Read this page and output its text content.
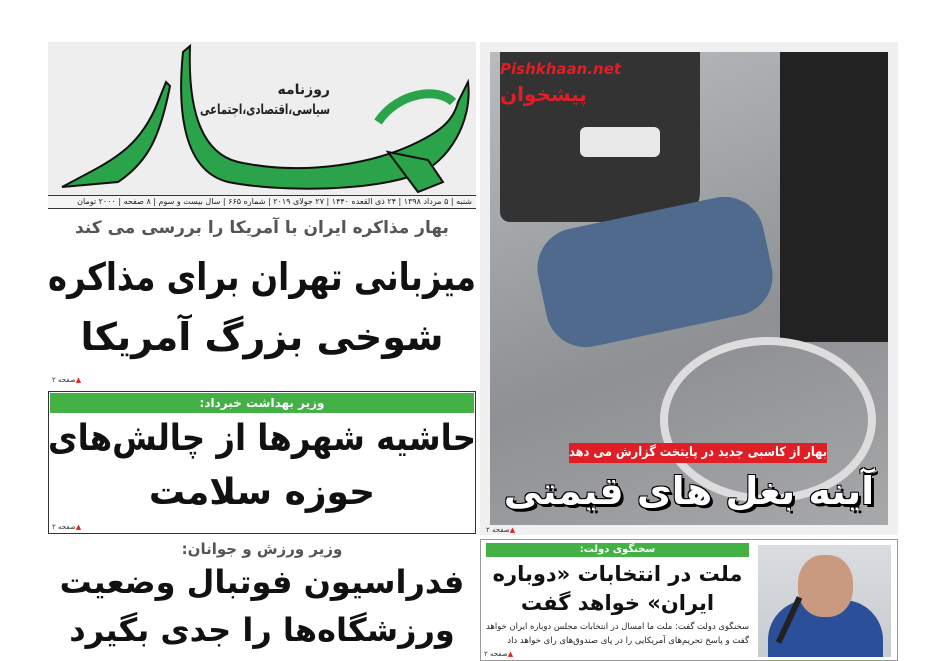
روزنامه
سیاسی،اقتصادی،اجتماعی
شنبه | ۵ مرداد ۱۳۹۸ | ۲۴ ذی القعده ۱۴۴۰ | ۲۷ جولای ۲۰۱۹ | شماره ۶۶۵ | سال بیست و سوم | ۸ صفحه | ۲۰۰۰ تومان
بهار مذاکره ایران با آمریکا را بررسی می کند
میزبانی تهران برای مذاکره
شوخی بزرگ آمریکا
▲صفحه ۲
وزیر بهداشت خبرداد:
حاشیه شهرها از چالش‌های
حوزه سلامت
▲صفحه ۲
وزیر ورزش و جوانان:
فدراسیون فوتبال وضعیت
ورزشگاه‌ها را جدی بگیرد
بهار از کاسبی جدید در پایتخت گزارش می دهد
آینه بغل های قیمتی
▲صفحه ۲
Pishkhaan.net
پیشخوان
سخنگوی دولت:
ملت در انتخابات «دوباره
ایران» خواهد گفت
سخنگوی دولت گفت: ملت ما امسال در انتخابات مجلس دوباره ایران خواهد
گفت و پاسخ تحریم‌های آمریکایی را در پای صندوق‌های رای خواهد داد
▲صفحه ۲
